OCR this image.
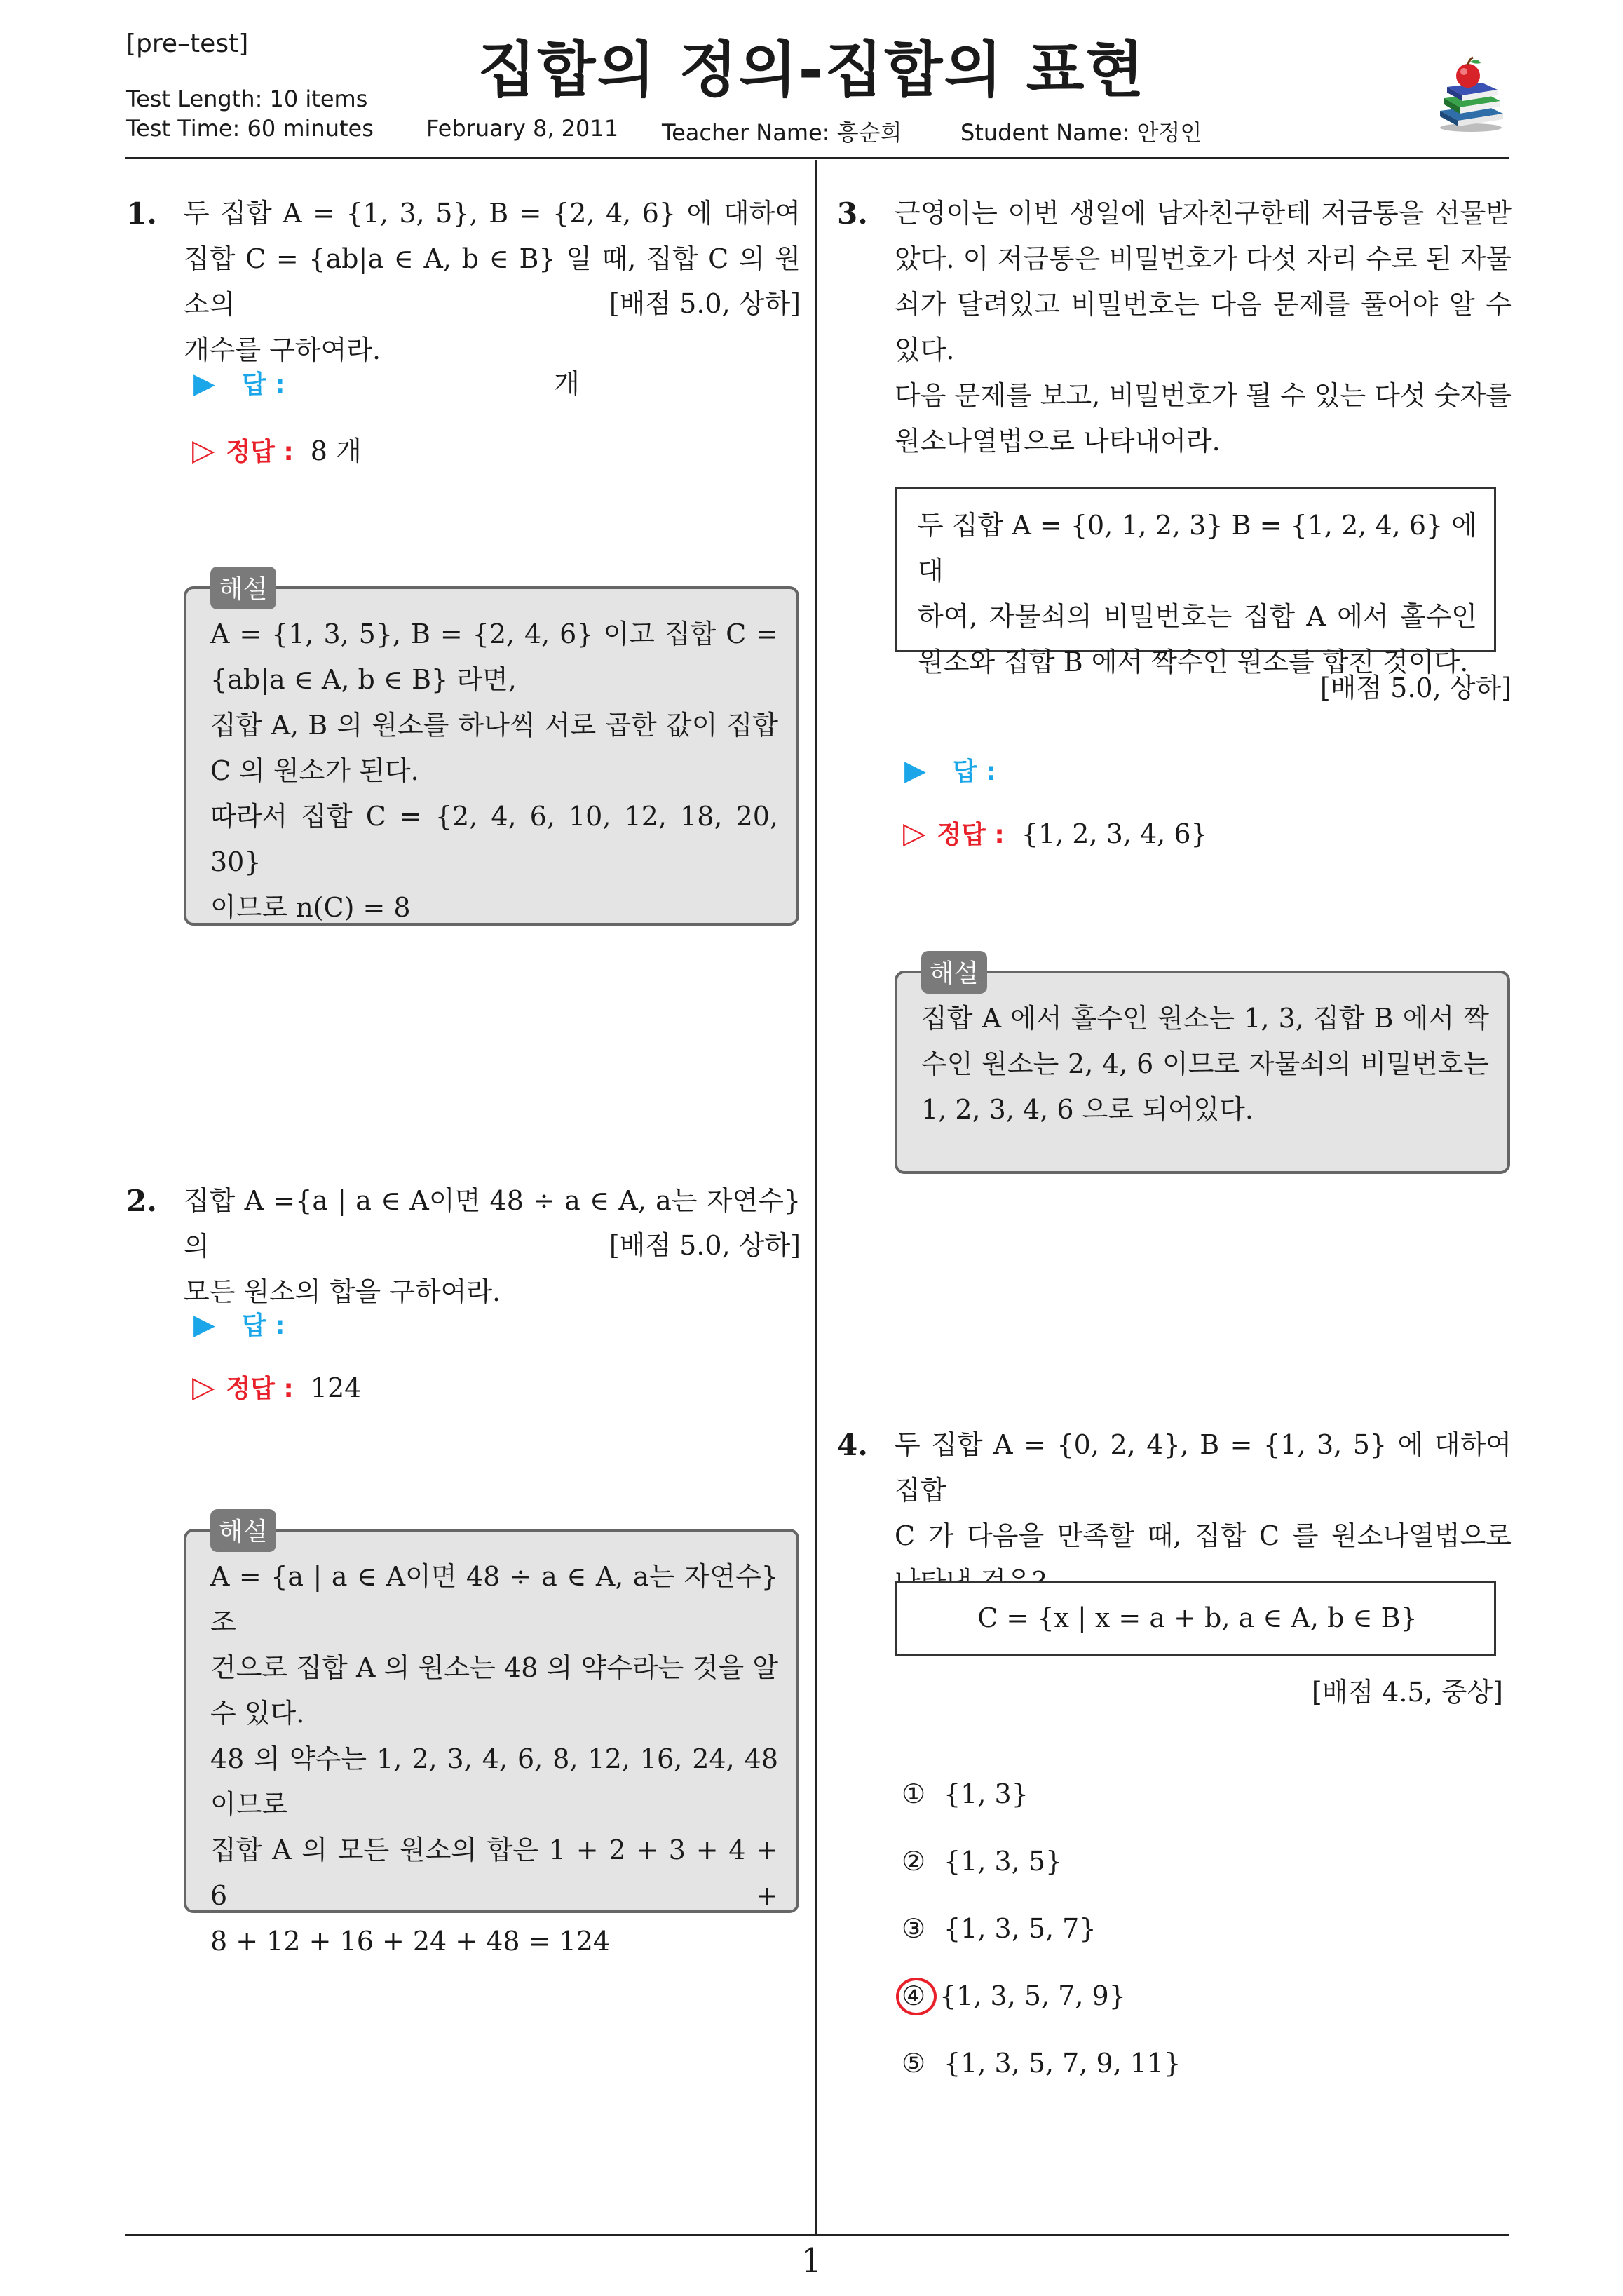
[pre–test]	집합의 정의-집합의 표현
Test Length: 10 items
Test Time: 60 minutes February 8, 2011 Teacher Name: 흥순희	Student Name: 안정인
1. 두 집합 A = {1, 3, 5}, B = {2, 4, 6} 에 대하여
집합 C = {ab|a ∈ A, b ∈ B} 일 때, 집합 C 의 원소의
개수를 구하여라.
[배점 5.0, 상하]
▶ 답 :	개
▷ 정답 : 8 개
A = {1, 3, 5}, B = {2, 4, 6} 이고 집합 C =
{ab|a ∈ A, b ∈ B} 라면,
집합 A, B 의 원소를 하나씩 서로 곱한 값이 집합
C 의 원소가 된다.
따라서 집합 C = {2, 4, 6, 10, 12, 18, 20, 30}
이므로 n(C) = 8
해설
2. 집합 A ={a | a ∈ A이면 48 ÷ a ∈ A, a는 자연수} 의
모든 원소의 합을 구하여라.
[배점 5.0, 상하]
▶ 답 :
▷ 정답 : 124
A = {a | a ∈ A이면 48 ÷ a ∈ A, a는 자연수} 조
건으로 집합 A 의 원소는 48 의 약수라는 것을 알
수 있다.
48 의 약수는 1, 2, 3, 4, 6, 8, 12, 16, 24, 48
이므로
집합 A 의 모든 원소의 합은 1 + 2 + 3 + 4 + 6 +
8 + 12 + 16 + 24 + 48 = 124
해설
3. 근영이는 이번 생일에 남자친구한테 저금통을 선물받
았다. 이 저금통은 비밀번호가 다섯 자리 수로 된 자물
쇠가 달려있고 비밀번호는 다음 문제를 풀어야 알 수
있다.
다음 문제를 보고, 비밀번호가 될 수 있는 다섯 숫자를
원소나열법으로 나타내어라.
두 집합 A = {0, 1, 2, 3} B = {1, 2, 4, 6} 에 대
하여, 자물쇠의 비밀번호는 집합 A 에서 홀수인
원소와 집합 B 에서 짝수인 원소를 합친 것이다.
[배점 5.0, 상하]
▶ 답 :
▷ 정답 : {1, 2, 3, 4, 6}
집합 A 에서 홀수인 원소는 1, 3, 집합 B 에서 짝
수인 원소는 2, 4, 6 이므로 자물쇠의 비밀번호는
1, 2, 3, 4, 6 으로 되어있다.
해설
4. 두 집합 A = {0, 2, 4}, B = {1, 3, 5} 에 대하여 집합
C 가 다음을 만족할 때, 집합 C 를 원소나열법으로
C = {x | x = a + b, a ∈ A, b ∈ B}
[배점 4.5, 중상]
① {1, 3}
② {1, 3, 5}
③ {1, 3, 5, 7}
④ {1, 3, 5, 7, 9}
⑤ {1, 3, 5, 7, 9, 11}
1
